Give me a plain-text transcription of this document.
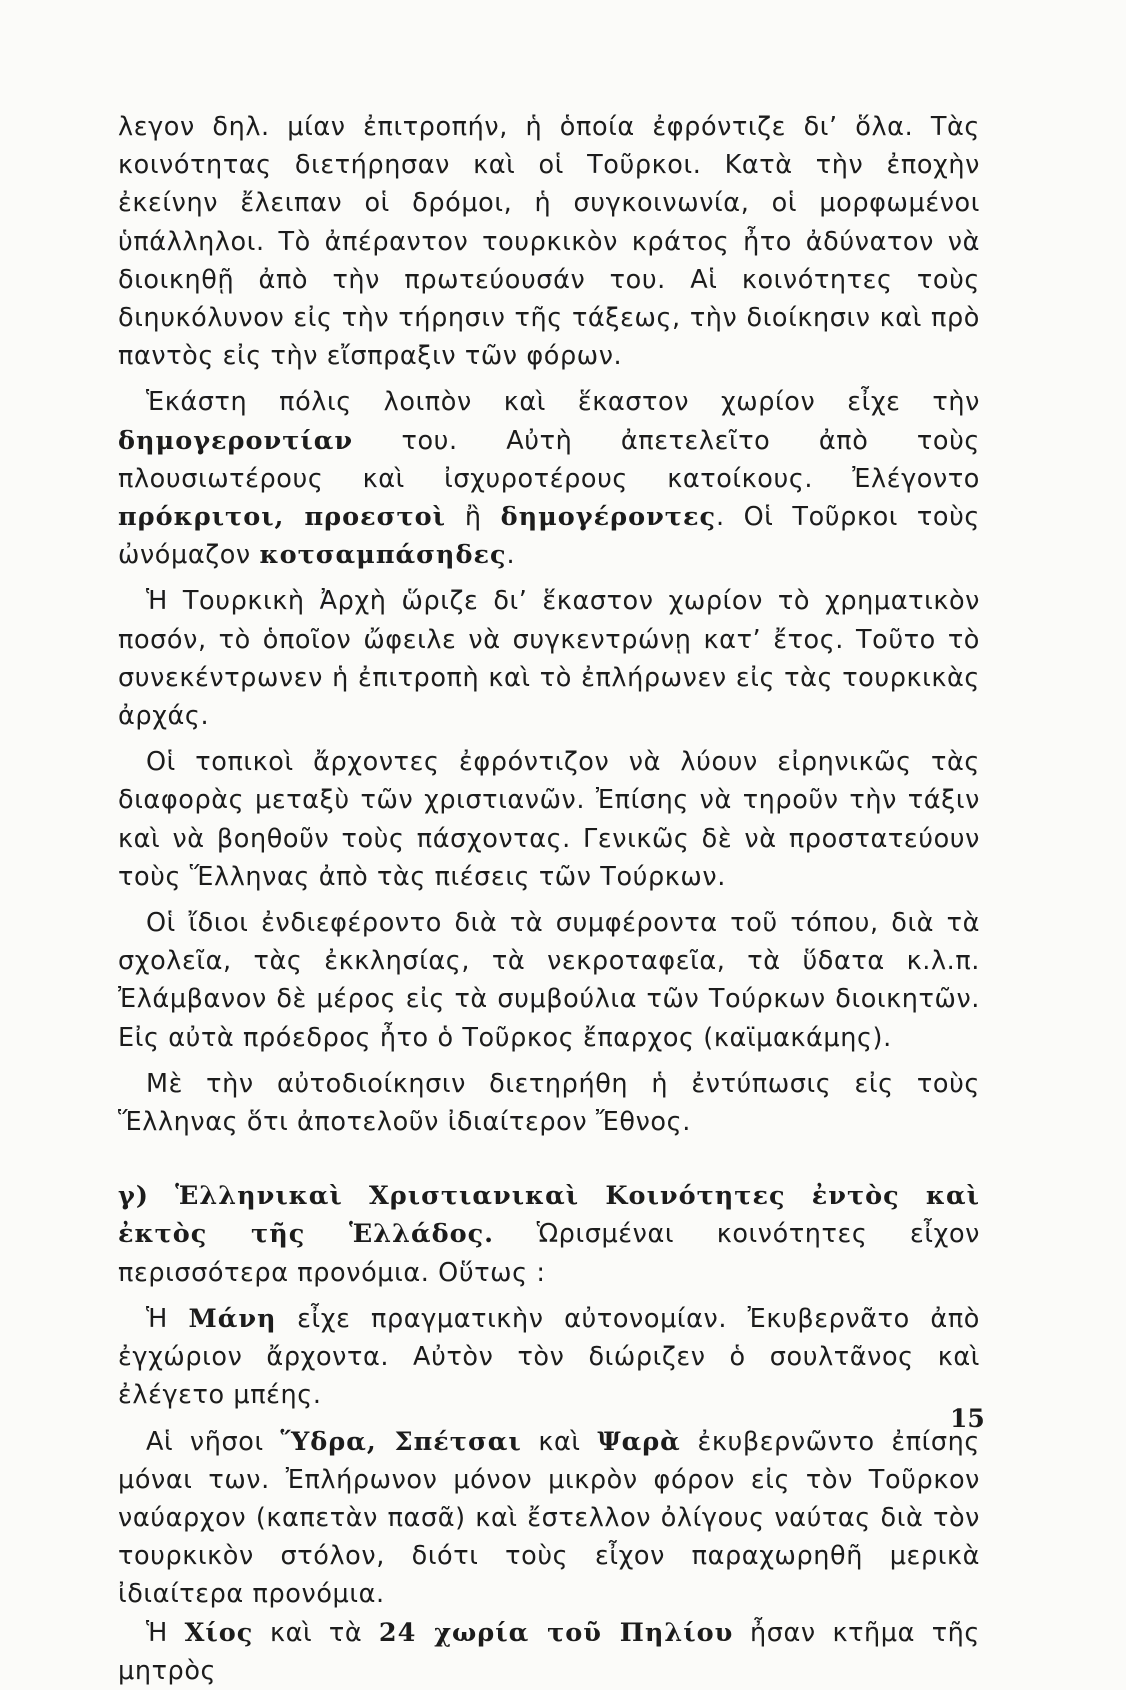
λεγον δηλ. μίαν ἐπιτροπήν, ἡ ὁποία ἐφρόντιζε δι’ ὅλα. Τὰς κοινότητας διετήρησαν καὶ οἱ Τοῦρκοι. Κατὰ τὴν ἐποχὴν ἐκείνην ἔλειπαν οἱ δρόμοι, ἡ συγκοινωνία, οἱ μορφωμένοι ὑπάλληλοι. Τὸ ἀπέραντον τουρκικὸν κράτος ἦτο ἀδύνατον νὰ διοικηθῇ ἀπὸ τὴν πρωτεύουσάν του. Αἱ κοινότητες τοὺς διηυκόλυνον εἰς τὴν τήρησιν τῆς τάξεως, τὴν διοίκησιν καὶ πρὸ παντὸς εἰς τὴν εἴσπραξιν τῶν φόρων.

Ἑκάστη πόλις λοιπὸν καὶ ἕκαστον χωρίον εἶχε τὴν δημογεροντίαν του. Αὐτὴ ἀπετελεῖτο ἀπὸ τοὺς πλουσιωτέρους καὶ ἰσχυροτέρους κατοίκους. Ἐλέγοντο πρόκριτοι, προεστοὶ ἢ δημογέροντες. Οἱ Τοῦρκοι τοὺς ὠνόμαζον κοτσαμπάσηδες.

Ἡ Τουρκικὴ Ἀρχὴ ὥριζε δι’ ἕκαστον χωρίον τὸ χρηματικὸν ποσόν, τὸ ὁποῖον ὤφειλε νὰ συγκεντρώνῃ κατ’ ἔτος. Τοῦτο τὸ συνεκέντρωνεν ἡ ἐπιτροπὴ καὶ τὸ ἐπλήρωνεν εἰς τὰς τουρκικὰς ἀρχάς.

Οἱ τοπικοὶ ἄρχοντες ἐφρόντιζον νὰ λύουν εἰρηνικῶς τὰς διαφορὰς μεταξὺ τῶν χριστιανῶν. Ἐπίσης νὰ τηροῦν τὴν τάξιν καὶ νὰ βοηθοῦν τοὺς πάσχοντας. Γενικῶς δὲ νὰ προστατεύουν τοὺς Ἕλληνας ἀπὸ τὰς πιέσεις τῶν Τούρκων.

Οἱ ἴδιοι ἐνδιεφέροντο διὰ τὰ συμφέροντα τοῦ τόπου, διὰ τὰ σχολεῖα, τὰς ἐκκλησίας, τὰ νεκροταφεῖα, τὰ ὕδατα κ.λ.π. Ἐλάμβανον δὲ μέρος εἰς τὰ συμβούλια τῶν Τούρκων διοικητῶν. Εἰς αὐτὰ πρόεδρος ἦτο ὁ Τοῦρκος ἔπαρχος (καϊμακάμης).

Μὲ τὴν αὐτοδιοίκησιν διετηρήθη ἡ ἐντύπωσις εἰς τοὺς Ἕλληνας ὅτι ἀποτελοῦν ἰδιαίτερον Ἔθνος.

γ) Ἑλληνικαὶ Χριστιανικαὶ Κοινότητες ἐντὸς καὶ ἐκτὸς τῆς Ἑλλάδος. Ὡρισμέναι κοινότητες εἶχον περισσότερα προνόμια. Οὕτως :

Ἡ Μάνη εἶχε πραγματικὴν αὐτονομίαν. Ἐκυβερνᾶτο ἀπὸ ἐγχώριον ἄρχοντα. Αὐτὸν τὸν διώριζεν ὁ σουλτᾶνος καὶ ἐλέγετο μπέης.

Αἱ νῆσοι Ὕδρα, Σπέτσαι καὶ Ψαρὰ ἐκυβερνῶντο ἐπίσης μόναι των. Ἐπλήρωνον μόνον μικρὸν φόρον εἰς τὸν Τοῦρκον ναύαρχον (καπετὰν πασᾶ) καὶ ἔστελλον ὀλίγους ναύτας διὰ τὸν τουρκικὸν στόλον, διότι τοὺς εἶχον παραχωρηθῆ μερικὰ ἰδιαίτερα προνόμια.

Ἡ Χίος καὶ τὰ 24 χωρία τοῦ Πηλίου ἦσαν κτῆμα τῆς μητρὸς

15
